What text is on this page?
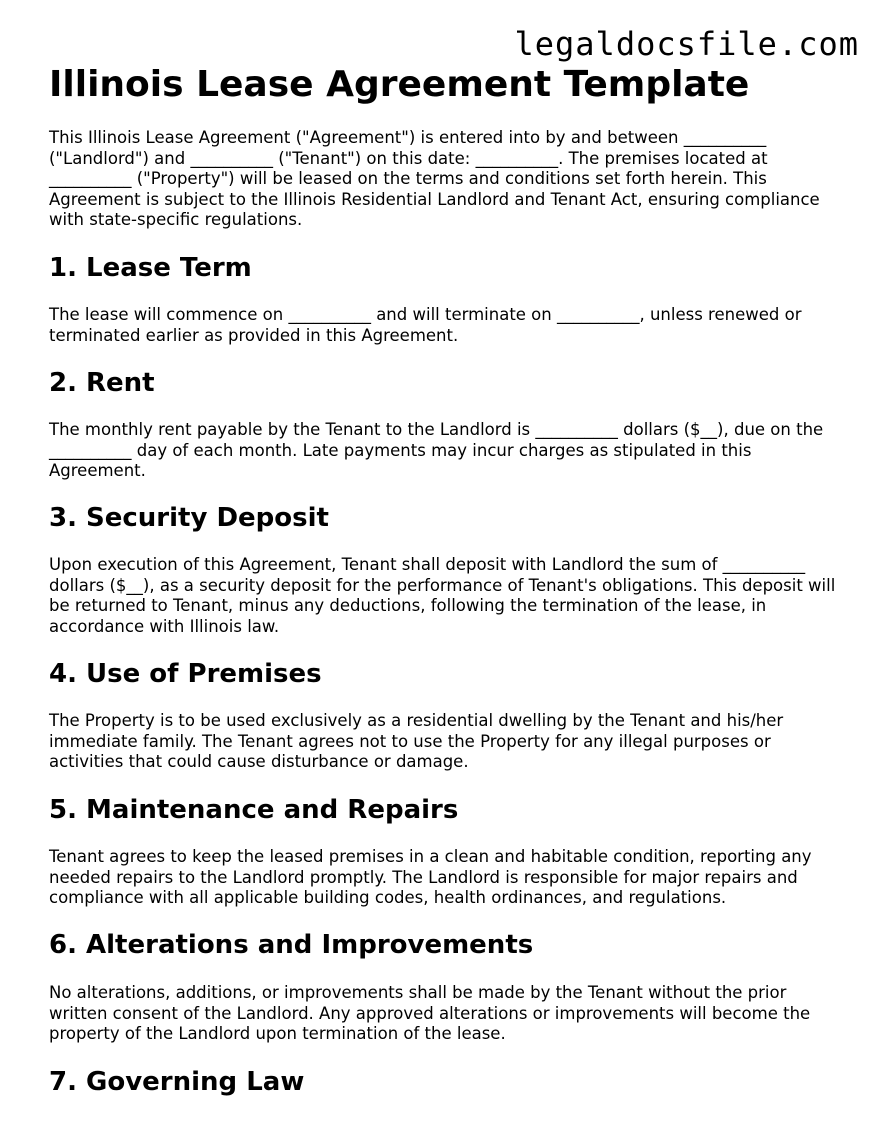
legaldocsfile.com
Illinois Lease Agreement Template

This Illinois Lease Agreement ("Agreement") is entered into by and between __________ ("Landlord") and __________ ("Tenant") on this date: __________. The premises located at __________ ("Property") will be leased on the terms and conditions set forth herein. This Agreement is subject to the Illinois Residential Landlord and Tenant Act, ensuring compliance with state-specific regulations.

1. Lease Term

The lease will commence on __________ and will terminate on __________, unless renewed or terminated earlier as provided in this Agreement.

2. Rent

The monthly rent payable by the Tenant to the Landlord is __________ dollars ($__), due on the __________ day of each month. Late payments may incur charges as stipulated in this Agreement.

3. Security Deposit

Upon execution of this Agreement, Tenant shall deposit with Landlord the sum of __________ dollars ($__), as a security deposit for the performance of Tenant's obligations. This deposit will be returned to Tenant, minus any deductions, following the termination of the lease, in accordance with Illinois law.

4. Use of Premises

The Property is to be used exclusively as a residential dwelling by the Tenant and his/her immediate family. The Tenant agrees not to use the Property for any illegal purposes or activities that could cause disturbance or damage.

5. Maintenance and Repairs

Tenant agrees to keep the leased premises in a clean and habitable condition, reporting any needed repairs to the Landlord promptly. The Landlord is responsible for major repairs and compliance with all applicable building codes, health ordinances, and regulations.

6. Alterations and Improvements

No alterations, additions, or improvements shall be made by the Tenant without the prior written consent of the Landlord. Any approved alterations or improvements will become the property of the Landlord upon termination of the lease.

7. Governing Law
